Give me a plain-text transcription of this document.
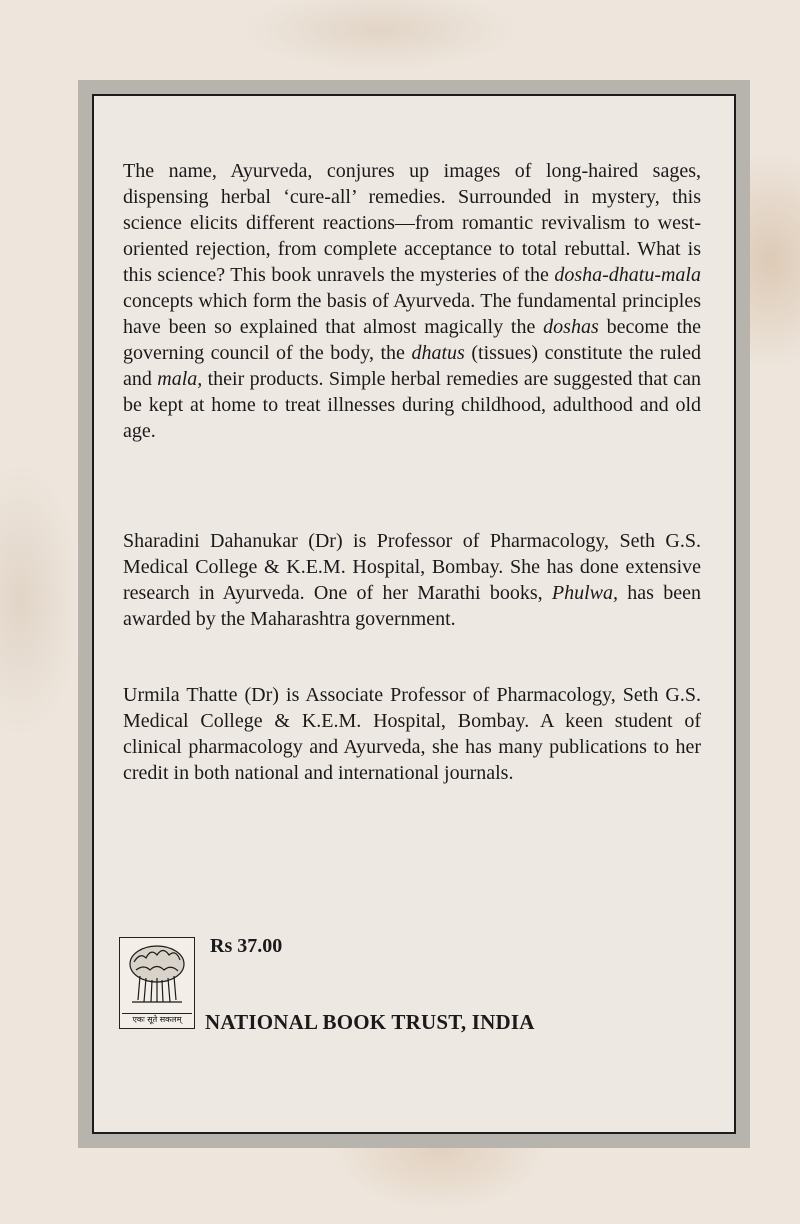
The name, Ayurveda, conjures up images of long-haired sages, dispensing herbal ‘cure-all’ remedies. Surrounded in mystery, this science elicits different reactions—from romantic revivalism to west-oriented rejection, from complete acceptance to total rebuttal. What is this science? This book unravels the mysteries of the dosha-dhatu-mala concepts which form the basis of Ayurveda. The fundamental principles have been so explained that almost magically the doshas become the governing council of the body, the dhatus (tissues) constitute the ruled and mala, their products. Simple herbal remedies are suggested that can be kept at home to treat illnesses during childhood, adulthood and old age.

Sharadini Dahanukar (Dr) is Professor of Pharmacology, Seth G.S. Medical College & K.E.M. Hospital, Bombay. She has done extensive research in Ayurveda. One of her Marathi books, Phulwa, has been awarded by the Maharashtra government.

Urmila Thatte (Dr) is Associate Professor of Pharmacology, Seth G.S. Medical College & K.E.M. Hospital, Bombay. A keen student of clinical pharmacology and Ayurveda, she has many publications to her credit in both national and international journals.

एकः सूते सकलम्
Rs 37.00
NATIONAL BOOK TRUST, INDIA
